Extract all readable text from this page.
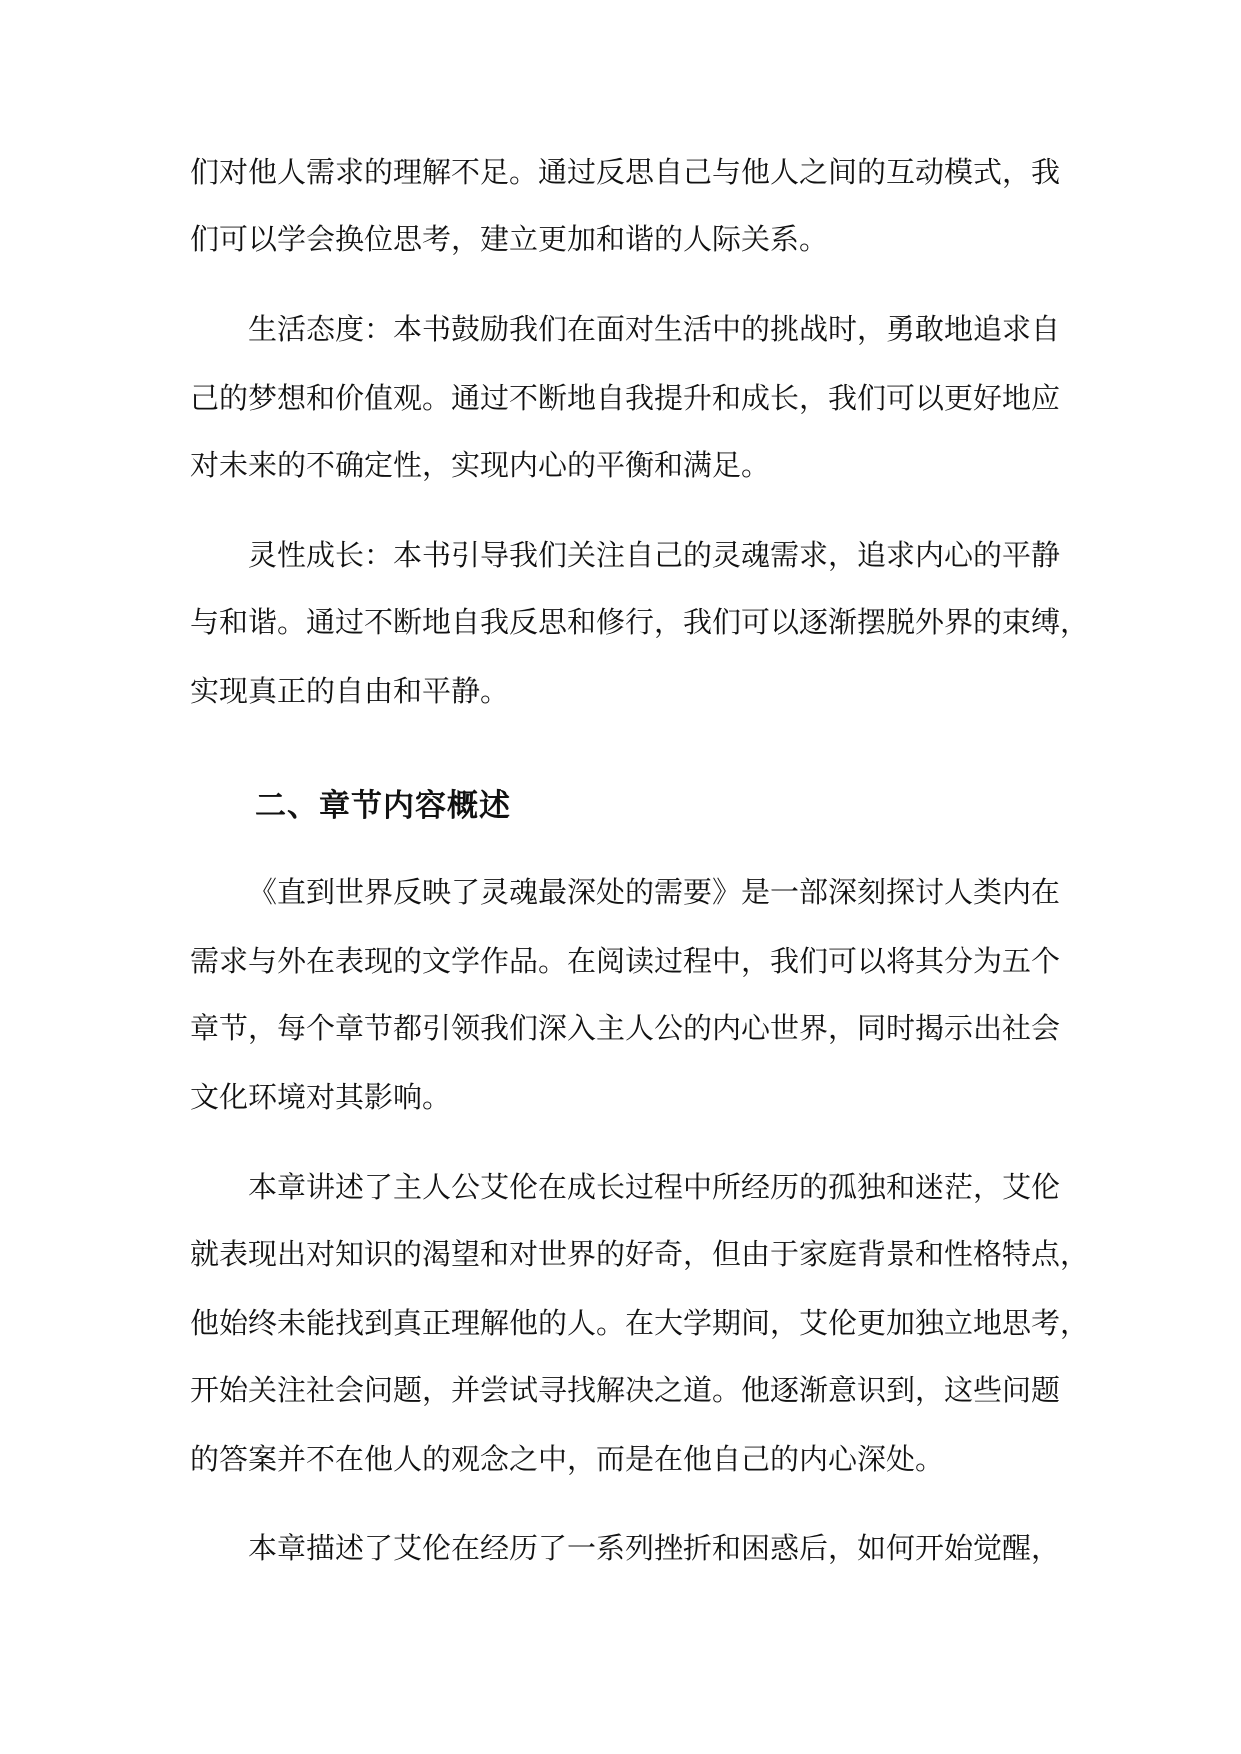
们对他人需求的理解不足。通过反思自己与他人之间的互动模式，我
们可以学会换位思考，建立更加和谐的人际关系。
生活态度：本书鼓励我们在面对生活中的挑战时，勇敢地追求自
己的梦想和价值观。通过不断地自我提升和成长，我们可以更好地应
对未来的不确定性，实现内心的平衡和满足。
灵性成长：本书引导我们关注自己的灵魂需求，追求内心的平静
与和谐。通过不断地自我反思和修行，我们可以逐渐摆脱外界的束缚，
实现真正的自由和平静。
二、章节内容概述
《直到世界反映了灵魂最深处的需要》是一部深刻探讨人类内在
需求与外在表现的文学作品。在阅读过程中，我们可以将其分为五个
章节，每个章节都引领我们深入主人公的内心世界，同时揭示出社会
文化环境对其影响。
本章讲述了主人公艾伦在成长过程中所经历的孤独和迷茫，艾伦
就表现出对知识的渴望和对世界的好奇，但由于家庭背景和性格特点，
他始终未能找到真正理解他的人。在大学期间，艾伦更加独立地思考，
开始关注社会问题，并尝试寻找解决之道。他逐渐意识到，这些问题
的答案并不在他人的观念之中，而是在他自己的内心深处。
本章描述了艾伦在经历了一系列挫折和困惑后，如何开始觉醒，
